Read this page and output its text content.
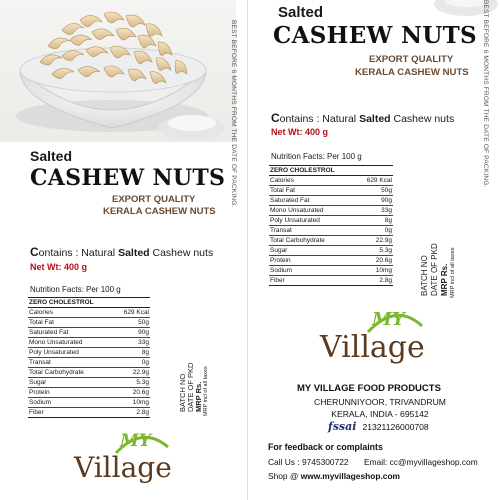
BEST BEFORE 6 MONTHS FROM THE DATE OF PACKING.
Salted
CASHEW NUTS
EXPORT QUALITY
KERALA CASHEW NUTS
Contains : Natural Salted Cashew nuts
Net Wt: 400 g
Nutrition Facts: Per 100 g
ZERO CHOLESTROL	
Calories	629 Kcal
Total Fat	50g
Saturated Fat	90g
Mono Unsaturated	33g
Poly Unsaturated	8g
Transat	0g
Total Carbohydrate	22.9g
Sugar	5.3g
Protein	20.6g
Sodium	10mg
Fiber	2.8g
BATCH NO DATE OF PKD MRP Rs. MRP incl of all taxes
MY
Village
Salted
CASHEW NUTS
EXPORT QUALITY
KERALA CASHEW NUTS BEST BEFORE 6 MONTHS FROM THE DATE OF PACKING.
Contains : Natural Salted Cashew nuts
Net Wt: 400 g
Nutrition Facts: Per 100 g
ZERO CHOLESTROL	
Calories	629 Kcal
Total Fat	50g
Saturated Fat	90g
Mono Unsaturated	33g
Poly Unsaturated	8g
Transat	0g
Total Carbohydrate	22.9g
Sugar	5.3g
Protein	20.6g
Sodium	10mg
Fiber	2.8g	BATCH NO DATE OF PKD MRP Rs. MRP incl of all taxes
MY
Village
MY VILLAGE FOOD PRODUCTS
CHERUNNIYOOR, TRIVANDRUM
KERALA, INDIA - 695142
fssai 21321126000708
For feedback or complaints
Call Us : 9745300722 Email: cc@myvillageshop.com
Shop @ www.myvillageshop.com
